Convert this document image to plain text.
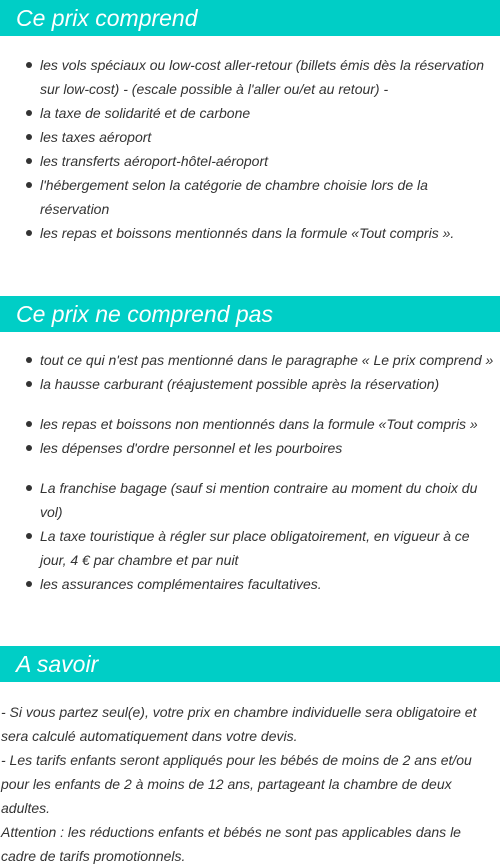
Ce prix comprend
les vols spéciaux ou low-cost aller-retour (billets émis dès la réservation sur low-cost) - (escale possible à l'aller ou/et au retour) -
la taxe de solidarité et de carbone
les taxes aéroport
les transferts aéroport-hôtel-aéroport
l'hébergement selon la catégorie de chambre choisie lors de la réservation
les repas et boissons mentionnés dans la formule «Tout compris ».
Ce prix ne comprend pas
tout ce qui n'est pas mentionné dans le paragraphe « Le prix comprend »
la hausse carburant (réajustement possible après la réservation)
les repas et boissons non mentionnés dans la formule «Tout compris »
les dépenses d'ordre personnel et les pourboires
La franchise bagage (sauf si mention contraire au moment du choix du vol)
La taxe touristique à régler sur place obligatoirement, en vigueur à ce jour, 4 € par chambre et par nuit
les assurances complémentaires facultatives.
A savoir
- Si vous partez seul(e), votre prix en chambre individuelle sera obligatoire et sera calculé automatiquement dans votre devis.
- Les tarifs enfants seront appliqués pour les bébés de moins de 2 ans et/ou pour les enfants de 2 à moins de 12 ans, partageant la chambre de deux adultes.
Attention : les réductions enfants et bébés ne sont pas applicables dans le cadre de tarifs promotionnels.
